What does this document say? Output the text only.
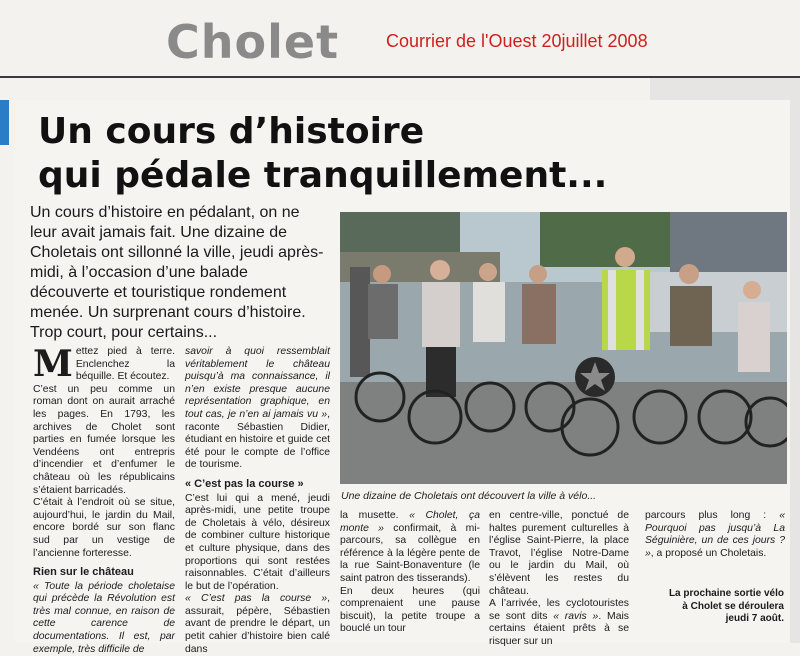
Cholet	Courrier de l'Ouest 20juillet 2008
Un cours d’histoire
qui pédale tranquillement...
Un cours d’histoire en pédalant, on ne leur avait jamais fait. Une dizaine de Choletais ont sillonné la ville, jeudi après-midi, à l’occasion d’une balade découverte et touristique rondement menée. Un surprenant cours d’histoire. Trop court, pour certains...

Mettez pied à terre. Enclenchez la béquille. Et écoutez.

C’est un peu comme un roman dont on aurait arraché les pages. En 1793, les archives de Cholet sont parties en fumée lorsque les Vendéens ont entrepris d’incendier et d’enfumer le château où les républicains s’étaient barricadés.

C’était à l’endroit où se situe, aujourd’hui, le jardin du Mail, encore bordé sur son flanc sud par un vestige de l’ancienne forteresse.

Rien sur le château

« Toute la période choletaise qui précède la Révolution est très mal connue, en raison de cette carence de documentations. Il est, par exemple, très difficile de

savoir à quoi ressemblait véritablement le château puisqu’à ma connaissance, il n’en existe presque aucune représentation graphique, en tout cas, je n’en ai jamais vu », raconte Sébastien Didier, étudiant en histoire et guide cet été pour le compte de l’office de tourisme.

« C’est pas la course »

C’est lui qui a mené, jeudi après-midi, une petite troupe de Choletais à vélo, désireux de combiner culture historique et culture physique, dans des proportions qui sont restées raisonnables. C’était d’ailleurs le but de l’opération.

« C’est pas la course », assurait, pépère, Sébastien avant de prendre le départ, un petit cahier d’histoire bien calé dans

Une dizaine de Choletais ont découvert la ville à vélo...

la musette. « Cholet, ça monte » confirmait, à mi-parcours, sa collègue en référence à la légère pente de la rue Saint-Bonaventure (le saint patron des tisserands).

En deux heures (qui comprenaient une pause biscuit), la petite troupe a bouclé un tour

en centre-ville, ponctué de haltes purement culturelles à l’église Saint-Pierre, la place Travot, l’église Notre-Dame ou le jardin du Mail, où s’élèvent les restes du château.

A l’arrivée, les cyclotouristes se sont dits « ravis ». Mais certains étaient prêts à se risquer sur un

parcours plus long : « Pourquoi pas jusqu’à La Séguinière, un de ces jours ? », a proposé un Choletais.

La prochaine sortie vélo à Cholet se déroulera jeudi 7 août.
